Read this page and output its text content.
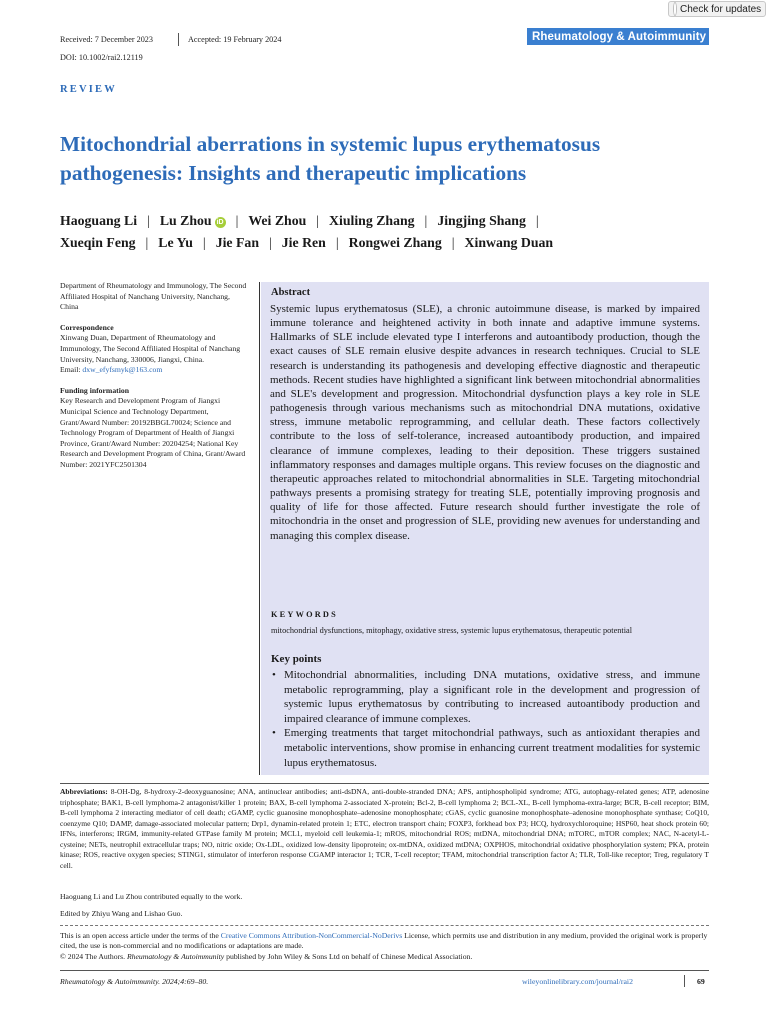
Received: 7 December 2023	Accepted: 19 February 2024
DOI: 10.1002/rai2.12119
Rheumatology & Autoimmunity
Check for updates
REVIEW
Mitochondrial aberrations in systemic lupus erythematosus
pathogenesis: Insights and therapeutic implications
Haoguang Li | Lu Zhou iD | Wei Zhou | Xiuling Zhang | Jingjing Shang |
Xueqin Feng | Le Yu | Jie Fan | Jie Ren | Rongwei Zhang | Xinwang Duan

Department of Rheumatology and Immunology, The Second Affiliated Hospital of Nanchang University, Nanchang, China

Correspondence
Xinwang Duan, Department of Rheumatology and Immunology, The Second Affiliated Hospital of Nanchang University, Nanchang, 330006, Jiangxi, China.
Email: dxw_efyfsmyk@163.com

Funding information
Key Research and Development Program of Jiangxi Municipal Science and Technology Department, Grant/Award Number: 20192BBGL70024; Science and Technology Program of Department of Health of Jiangxi Province, Grant/Award Number: 20204254; National Key Research and Development Program of China, Grant/Award Number: 2021YFC2501304

Abstract
Systemic lupus erythematosus (SLE), a chronic autoimmune disease, is marked by impaired immune tolerance and heightened activity in both innate and adaptive immune systems. Hallmarks of SLE include elevated type I interferons and autoantibody production, though the exact causes of SLE remain elusive despite advances in research techniques. Crucial to SLE research is understanding its pathogenesis and developing effective diagnostic and therapeutic methods. Recent studies have highlighted a significant link between mitochondrial abnormalities and SLE's development and progression. Mitochondrial dysfunction plays a key role in SLE pathogenesis through various mechanisms such as mitochondrial DNA mutations, oxidative stress, immune metabolic reprogramming, and cellular death. These factors collectively contribute to the loss of self-tolerance, increased autoantibody production, and impaired clearance of immune complexes, leading to their deposition. These triggers sustained inflammatory responses and damages multiple organs. This review focuses on the diagnostic and therapeutic approaches related to mitochondrial abnormalities in SLE. Targeting mitochondrial pathways presents a promising strategy for treating SLE, potentially improving prognosis and quality of life for those affected. Future research should further investigate the role of mitochondria in the onset and progression of SLE, providing new avenues for understanding and managing this complex disease.
KEYWORDS
mitochondrial dysfunctions, mitophagy, oxidative stress, systemic lupus erythematosus, therapeutic potential
Key points
• Mitochondrial abnormalities, including DNA mutations, oxidative stress, and immune metabolic reprogramming, play a significant role in the development and progression of systemic lupus erythematosus by contributing to increased autoantibody production and impaired clearance of immune complexes.
• Emerging treatments that target mitochondrial pathways, such as antioxidant therapies and metabolic interventions, show promise in enhancing current treatment modalities for systemic lupus erythematosus.
Abbreviations: 8-OH-Dg, 8-hydroxy-2-deoxyguanosine; ANA, antinuclear antibodies; anti-dsDNA, anti-double-stranded DNA; APS, antiphospholipid syndrome; ATG, autophagy-related genes; ATP, adenosine triphosphate; BAK1, B-cell lymphoma-2 antagonist/killer 1 protein; BAX, B-cell lymphoma 2-associated X-protein; Bcl-2, B-cell lymphoma 2; BCL-XL, B-cell lymphoma-extra-large; BCR, B-cell receptor; BIM, B-cell lymphoma 2 interacting mediator of cell death; cGAMP, cyclic guanosine monophosphate–adenosine monophosphate; cGAS, cyclic guanosine monophosphate–adenosine monophosphate synthase; CoQ10, coenzyme Q10; DAMP, damage-associated molecular pattern; Drp1, dynamin-related protein 1; ETC, electron transport chain; FOXP3, forkhead box P3; HCQ, hydroxychloroquine; HSP60, heat shock protein 60; IFNs, interferons; IRGM, immunity-related GTPase family M protein; MCL1, myeloid cell leukemia-1; mROS, mitochondrial ROS; mtDNA, mitochondrial DNA; mTORC, mTOR complex; NAC, N-acetyl-L-cysteine; NETs, neutrophil extracellular traps; NO, nitric oxide; Ox-LDL, oxidized low-density lipoprotein; ox-mtDNA, oxidized mtDNA; OXPHOS, mitochondrial oxidative phosphorylation system; PKA, protein kinase; ROS, reactive oxygen species; STING1, stimulator of interferon response CGAMP interactor 1; TCR, T-cell receptor; TFAM, mitochondrial transcription factor A; TLR, Toll-like receptor; Treg, regulatory T cell.
Haoguang Li and Lu Zhou contributed equally to the work.
Edited by Zhiyu Wang and Lishao Guo.
This is an open access article under the terms of the Creative Commons Attribution-NonCommercial-NoDerivs License, which permits use and distribution in any medium, provided the original work is properly cited, the use is non-commercial and no modifications or adaptations are made.
© 2024 The Authors. Rheumatology & Autoimmunity published by John Wiley & Sons Ltd on behalf of Chinese Medical Association.
Rheumatology & Autoimmunity. 2024;4:69–80.	wileyonlinelibrary.com/journal/rai2	69
